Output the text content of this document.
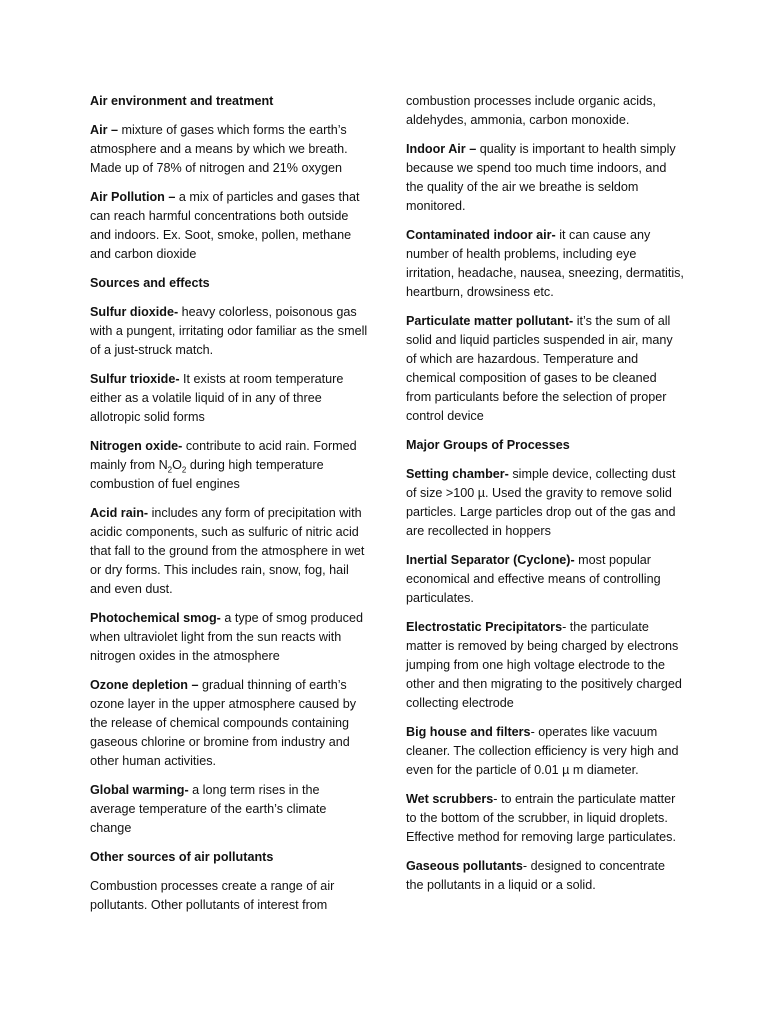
Air environment and treatment

Air – mixture of gases which forms the earth’s atmosphere and a means by which we breath. Made up of 78% of nitrogen and 21% oxygen

Air Pollution – a mix of particles and gases that can reach harmful concentrations both outside and indoors. Ex. Soot, smoke, pollen, methane and carbon dioxide

Sources and effects

Sulfur dioxide- heavy colorless, poisonous gas with a pungent, irritating odor familiar as the smell of a just-struck match.

Sulfur trioxide- It exists at room temperature either as a volatile liquid of in any of three allotropic solid forms

Nitrogen oxide- contribute to acid rain. Formed mainly from $N_2O_2$ during high temperature combustion of fuel engines

Acid rain- includes any form of precipitation with acidic components, such as sulfuric of nitric acid that fall to the ground from the atmosphere in wet or dry forms. This includes rain, snow, fog, hail and even dust.

Photochemical smog- a type of smog produced when ultraviolet light from the sun reacts with nitrogen oxides in the atmosphere

Ozone depletion – gradual thinning of earth’s ozone layer in the upper atmosphere caused by the release of chemical compounds containing gaseous chlorine or bromine from industry and other human activities.

Global warming- a long term rises in the average temperature of the earth’s climate change

Other sources of air pollutants

Combustion processes create a range of air pollutants. Other pollutants of interest from

combustion processes include organic acids, aldehydes, ammonia, carbon monoxide.

Indoor Air – quality is important to health simply because we spend too much time indoors, and the quality of the air we breathe is seldom monitored.

Contaminated indoor air- it can cause any number of health problems, including eye irritation, headache, nausea, sneezing, dermatitis, heartburn, drowsiness etc.

Particulate matter pollutant- it’s the sum of all solid and liquid particles suspended in air, many of which are hazardous. Temperature and chemical composition of gases to be cleaned from particulants before the selection of proper control device

Major Groups of Processes

Setting chamber- simple device, collecting dust of size >100 µ. Used the gravity to remove solid particles. Large particles drop out of the gas and are recollected in hoppers

Inertial Separator (Cyclone)- most popular economical and effective means of controlling particulates.

Electrostatic Precipitators- the particulate matter is removed by being charged by electrons jumping from one high voltage electrode to the other and then migrating to the positively charged collecting electrode

Big house and filters- operates like vacuum cleaner. The collection efficiency is very high and even for the particle of 0.01 µ m diameter.

Wet scrubbers- to entrain the particulate matter to the bottom of the scrubber, in liquid droplets. Effective method for removing large particulates.

Gaseous pollutants- designed to concentrate the pollutants in a liquid or a solid.
